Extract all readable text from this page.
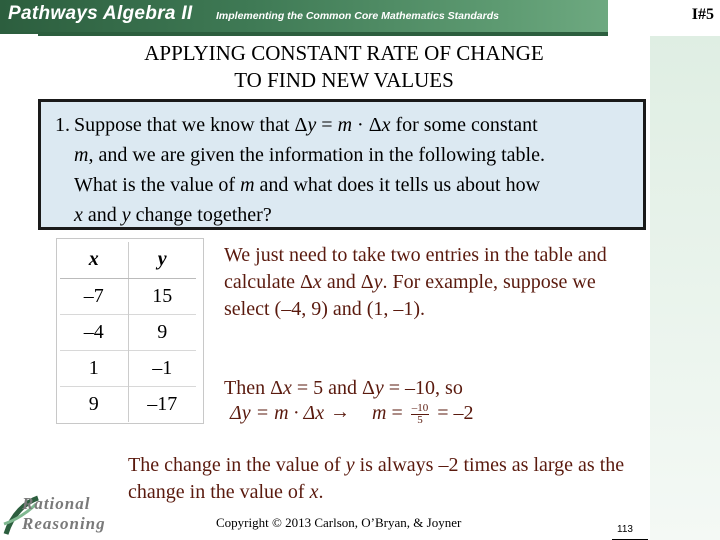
Pathways Algebra II Implementing the Common Core Mathematics Standards	I#5
APPLYING CONSTANT RATE OF CHANGE
TO FIND NEW VALUES
1. Suppose that we know that Δy = m · Δx for some constant
m, and we are given the information in the following table.
What is the value of m and what does it tells us about how
x and y change together?
x	y
–7	15
–4	9
1	–1
9	–17
We just need to take two entries in the table and calculate Δx and Δy. For example, suppose we select (–4, 9) and (1, –1).
Then Δx = 5 and Δy = –10, so
$\Delta y = m \cdot \Delta x \to m = \frac{-10}{5} = -2$
The change in the value of y is always –2 times as large as the change in the value of x.
Rational
Reasoning	Copyright © 2013 Carlson, O’Bryan, & Joyner	113
